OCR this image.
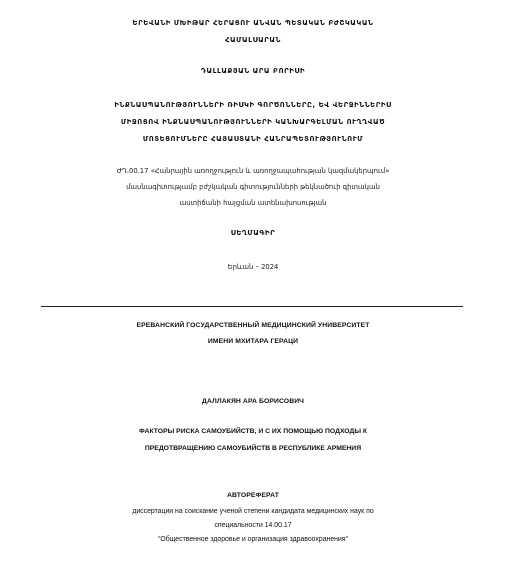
ԵՐԵՎԱՆԻ ՄԽԻԹԱՐ ՀԵՐԱՑՈՒ ԱՆՎԱՆ ՊԵՏԱԿԱՆ ԲԺՇԿԱԿԱՆ
ՀԱՄԱԼՍԱՐԱՆ
ԴԱԼԼԱՔՅԱՆ ԱՐԱ ԲՈՐԻՍԻ
ԻՆՔՆԱՍՊԱՆՈՒԹՅՈՒՆՆԵՐԻ ՌԻՍԿԻ ԳՈՐԾՈՆՆԵՐԸ, ԵՎ ՎԵՐՋԻՆՆԵՐԻՍ
ՄԻՋՈՑՈՎ ԻՆՔՆԱՍՊԱՆՈՒԹՅՈՒՆՆԵՐԻ ԿԱՆԽԱՐԳԵԼՄԱՆ ՈՒՂՂՎԱԾ
ՄՈՏԵՑՈՒՄՆԵՐԸ ՀԱՅԱՍՏԱՆԻ ՀԱՆՐԱՊԵՏՈՒԹՅՈՒՆՈՒՄ
ԺԴ.00.17 «Հանրային առողջություն և առողջապահության կազմակերպում»
մասնագիտությամբ բժշկական գիտությունների թեկնածուի գիտական
աստիճանի հայցման ատենախոսության
ՍԵՂՄԱԳԻՐ
Երևան – 2024
ЕРЕВАНСКИЙ ГОСУДАРСТВЕННЫЙ МЕДИЦИНСКИЙ УНИВЕРСИТЕТ
ИМЕНИ МХИТАРА ГЕРАЦИ
ДАЛЛАКЯН АРА БОРИСОВИЧ
ФАКТОРЫ РИСКА САМОУБИЙСТВ, И С ИХ ПОМОЩЬЮ ПОДХОДЫ К
ПРЕДОТВРАЩЕНИЮ САМОУБИЙСТВ В РЕСПУБЛИКЕ АРМЕНИЯ
АВТОРЕФЕРАТ
диссертации на соискание ученой степени кандидата медицинских наук по
специальности 14.00.17
“Общественное здоровье и организация здравоохранения”
